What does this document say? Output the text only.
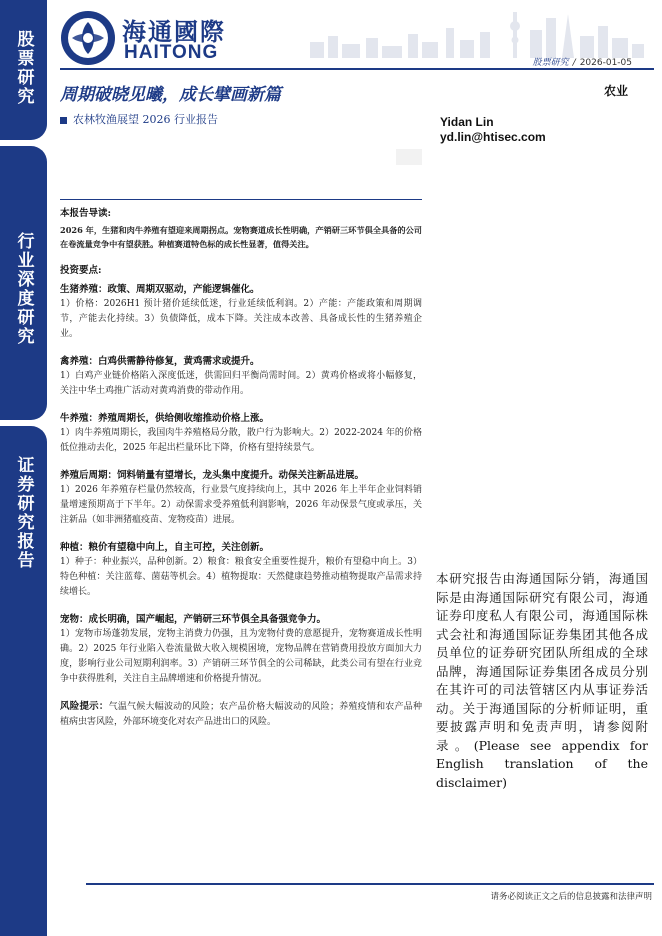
股票研究
行业深度研究
证券研究报告
海通國際
HAITONG	股票研究 / 2026-01-05
周期破晓见曦，成长擘画新篇	农业
农林牧渔展望 2026 行业报告	Yidan Lin
yd.lin@htisec.com

本报告导读:

2026 年，生猪和肉牛养殖有望迎来周期拐点。宠物赛道成长性明确，产销研三环节俱全具备的公司在卷流量竞争中有望获胜。种植赛道特色标的成长性显著，值得关注。

投资要点:

生猪养殖：政策、周期双驱动，产能逻辑催化。

1）价格：2026H1 预计猪价延续低迷，行业延续低利润。2）产能：产能政策和周期调节，产能去化持续。3）负债降低，成本下降。关注成本改善、具备成长性的生猪养殖企业。

禽养殖：白鸡供需静待修复，黄鸡需求或提升。

1）白鸡产业链价格陷入深度低迷，供需回归平衡尚需时间。2）黄鸡价格或将小幅修复，关注中华土鸡推广活动对黄鸡消费的带动作用。

牛养殖：养殖周期长，供给侧收缩推动价格上涨。

1）肉牛养殖周期长，我国肉牛养殖格局分散，散户行为影响大。2）2022-2024 年的价格低位推动去化，2025 年起出栏量环比下降，价格有望持续景气。

养殖后周期：饲料销量有望增长，龙头集中度提升。动保关注新品进展。

1）2026 年养殖存栏量仍然较高，行业景气度持续向上，其中 2026 年上半年企业饲料销量增速预期高于下半年。2）动保需求受养殖低利润影响，2026 年动保景气度或承压，关注新品（如非洲猪瘟疫苗、宠物疫苗）进展。

种植：粮价有望稳中向上，自主可控，关注创新。

1）种子：种业振兴，品种创新。2）粮食：粮食安全重要性提升，粮价有望稳中向上。3）特色种植：关注蓝莓、菌菇等机会。4）植物提取：天然健康趋势推动植物提取产品需求持续增长。

宠物：成长明确，国产崛起，产销研三环节俱全具备强竞争力。

1）宠物市场蓬勃发展，宠物主消费力仍强，且为宠物付费的意愿提升，宠物赛道成长性明确。2）2025 年行业陷入卷流量做大收入规模困境，宠物品牌在营销费用投放方面加大力度，影响行业公司短期利润率。3）产销研三环节俱全的公司稀缺，此类公司有望在行业竞争中获得胜利，关注自主品牌增速和价格提升情况。

风险提示：气温气候大幅波动的风险；农产品价格大幅波动的风险；养殖疫情和农产品种植病虫害风险，外部环境变化对农产品进出口的风险。

本研究报告由海通国际分销，海通国际是由海通国际研究有限公司，海通证券印度私人有限公司，海通国际株式会社和海通国际证券集团其他各成员单位的证券研究团队所组成的全球品牌，海通国际证券集团各成员分别在其许可的司法管辖区内从事证券活动。关于海通国际的分析师证明，重要披露声明和免责声明，请参阅附录。(Please see appendix for English translation of the disclaimer)
请务必阅读正文之后的信息披露和法律声明
